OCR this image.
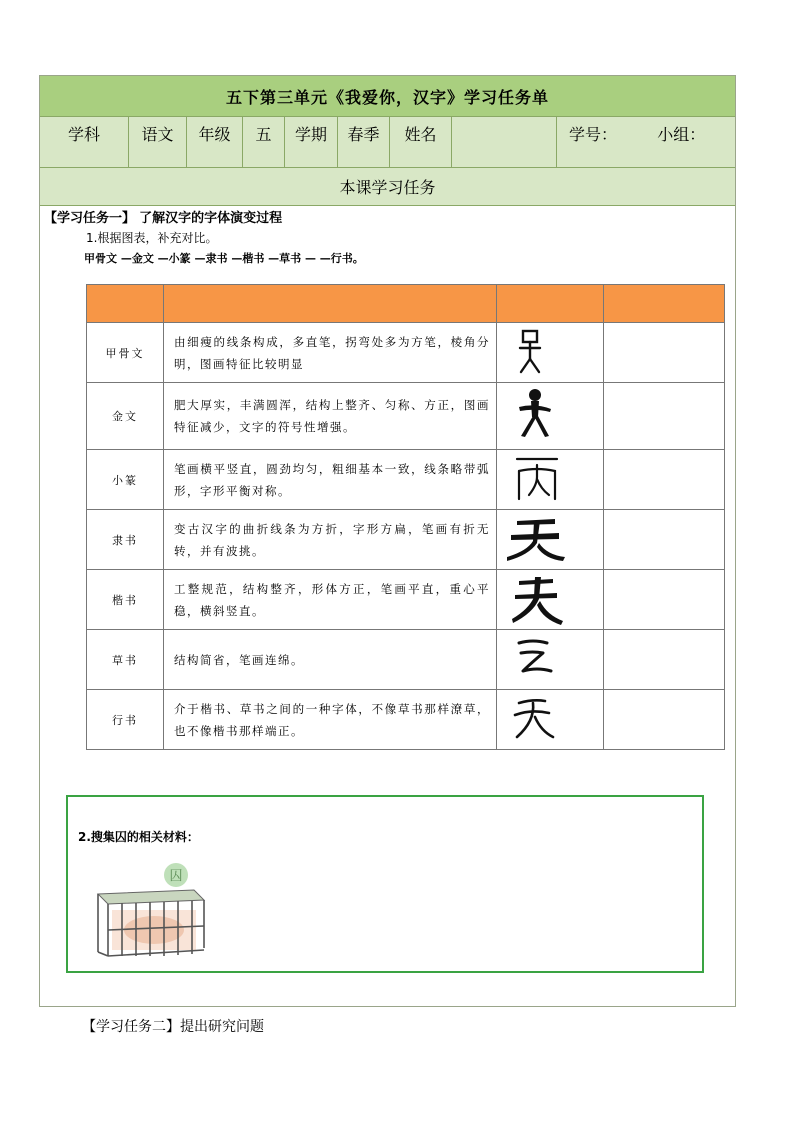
五下第三单元《我爱你，汉字》学习任务单
学科	语文	年级	五	学期	春季	姓名	学号：	小组：
本课学习任务
【学习任务一】 了解汉字的字体演变过程
1.根据图表，补充对比。
甲骨文 —金文 —小篆 —隶书 —楷书 —草书 — —行书。

甲骨文	由细瘦的线条构成，多直笔，拐弯处多为方笔，棱角分明，图画特征比较明显	

金文	肥大厚实，丰满圆浑，结构上整齐、匀称、方正，图画特征减少，文字的符号性增强。	

小篆	笔画横平竖直，圆劲均匀，粗细基本一致，线条略带弧形，字形平衡对称。	

隶书	变古汉字的曲折线条为方折，字形方扁，笔画有折无转，并有波挑。	

楷书	工整规范，结构整齐，形体方正，笔画平直，重心平稳，横斜竖直。	

草书	结构简省，笔画连绵。	

行书	介于楷书、草书之间的一种字体，不像草书那样潦草，也不像楷书那样端正。	

2.搜集囚的相关材料：
囚
【学习任务二】提出研究问题
